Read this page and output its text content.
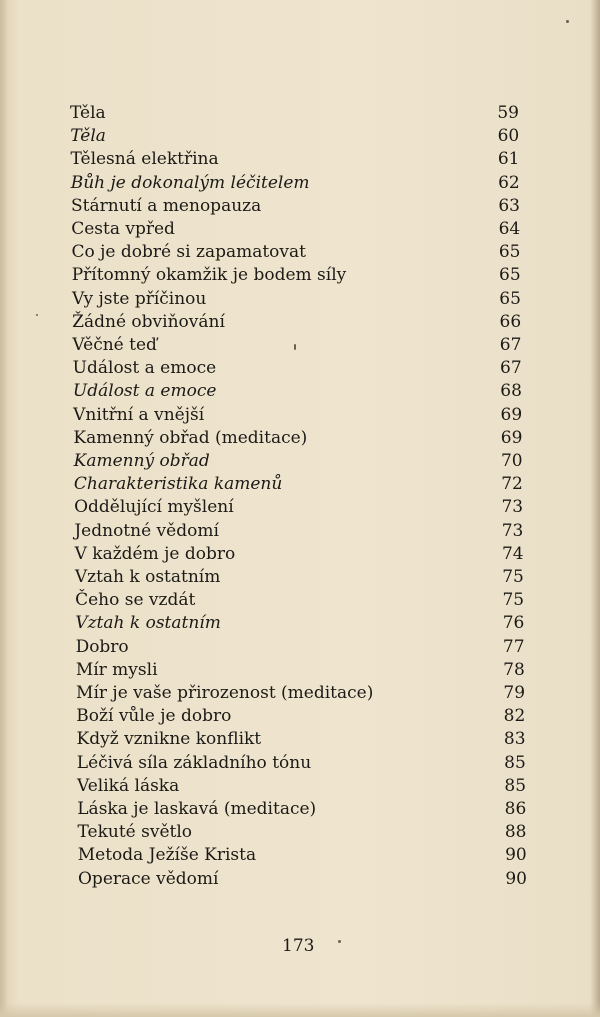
Těla	59
Těla	60
Tělesná elektřina	61
Bůh je dokonalým léčitelem	62
Stárnutí a menopauza	63
Cesta vpřed	64
Co je dobré si zapamatovat	65
Přítomný okamžik je bodem síly	65
Vy jste příčinou	65
Žádné obviňování	66
Věčné teď	67
Událost a emoce	67
Událost a emoce	68
Vnitřní a vnější	69
Kamenný obřad (meditace)	69
Kamenný obřad	70
Charakteristika kamenů	72
Oddělující myšlení	73
Jednotné vědomí	73
V každém je dobro	74
Vztah k ostatním	75
Čeho se vzdát	75
Vztah k ostatním	76
Dobro	77
Mír mysli	78
Mír je vaše přirozenost (meditace)	79
Boží vůle je dobro	82
Když vznikne konflikt	83
Léčivá síla základního tónu	85
Veliká láska	85
Láska je laskavá (meditace)	86
Tekuté světlo	88
Metoda Ježíše Krista	90
Operace vědomí	90
173
